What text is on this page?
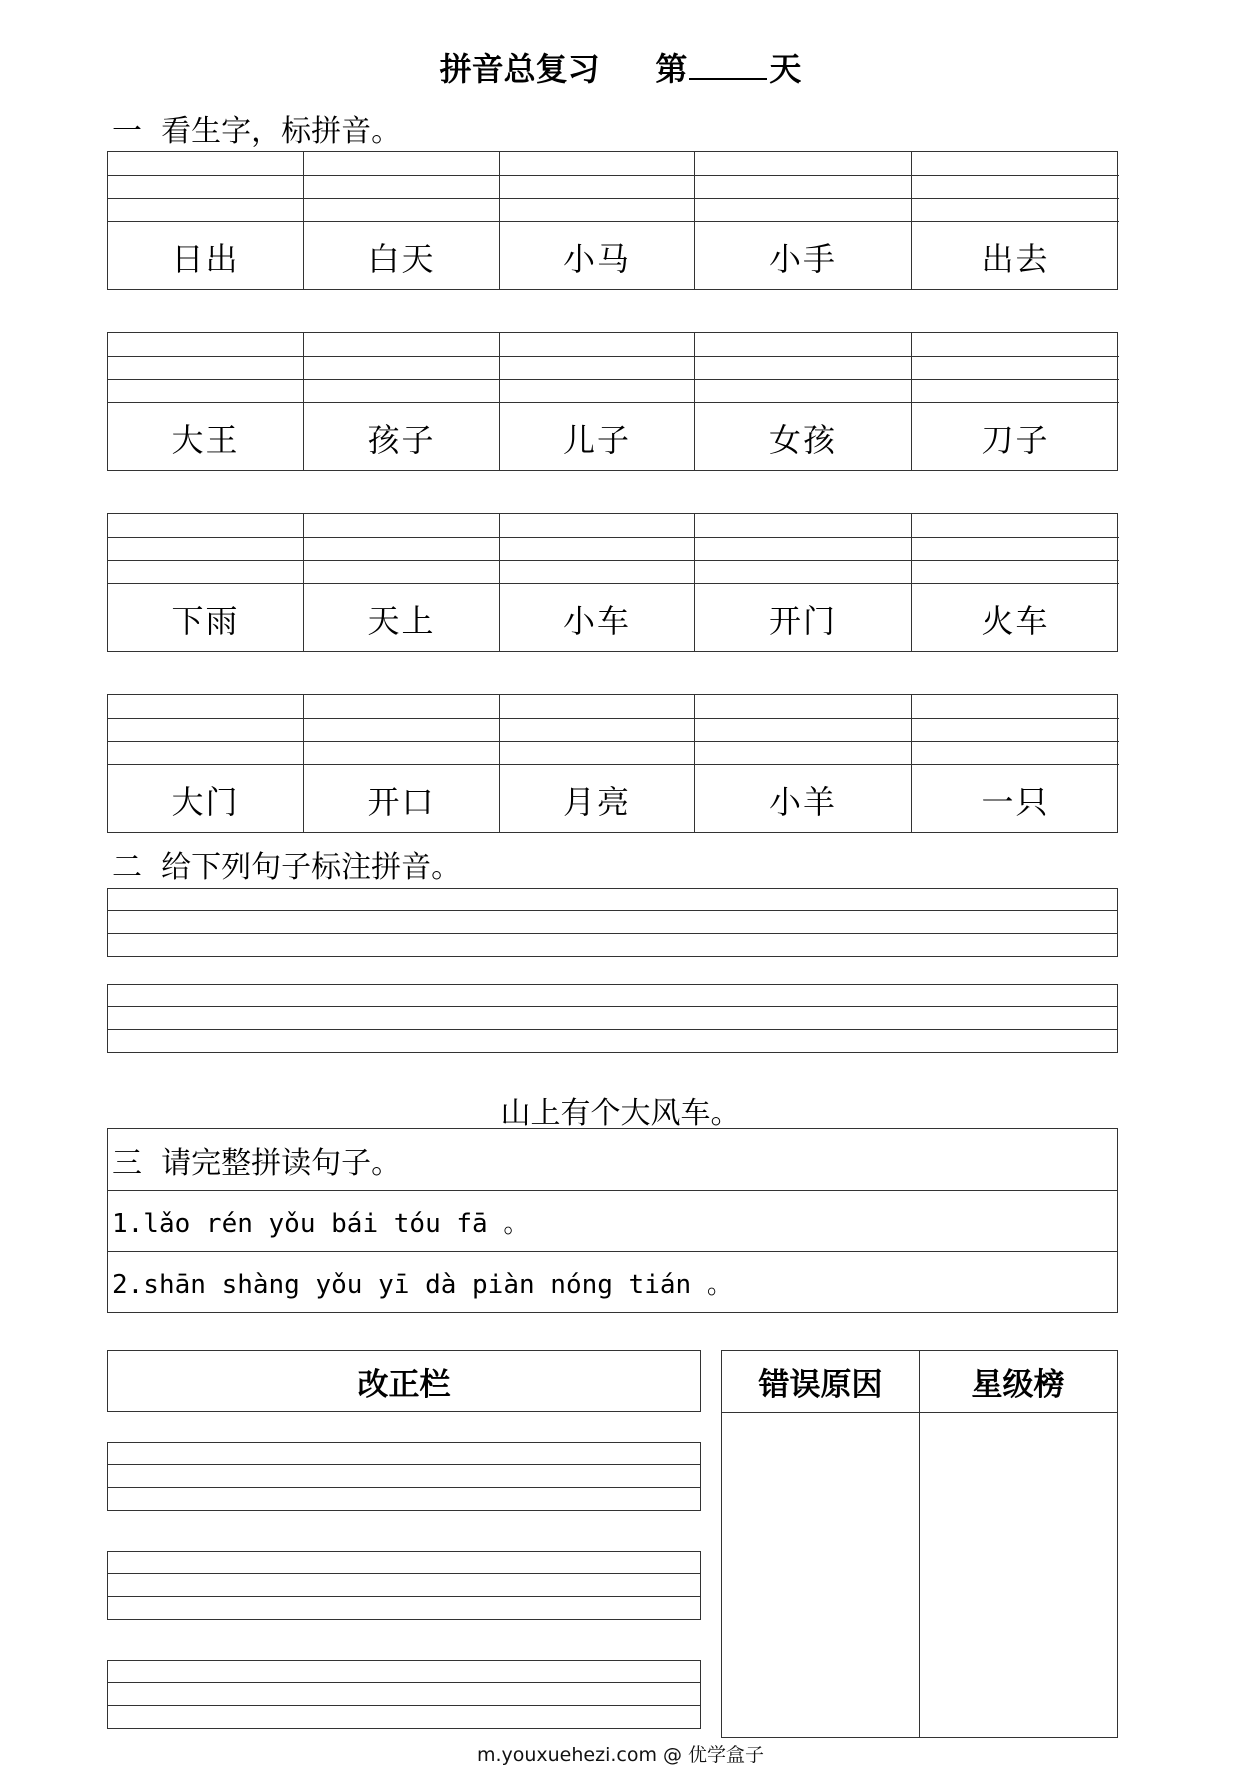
拼音总复习 第	天
一  看生字，标拼音。
日出	白天	小马	小手	出去
大王	孩子	儿子	女孩	刀子
下雨	天上	小车	开门	火车
大门	开口	月亮	小羊	一只
二  给下列句子标注拼音。
山上有个大风车。
三  请完整拼读句子。
1.lǎo rén yǒu bái tóu fā 。
2.shān shàng yǒu yī dà piàn nóng tián 。
改正栏	错误原因	星级榜
m.youxuehezi.com @ 优学盒子
